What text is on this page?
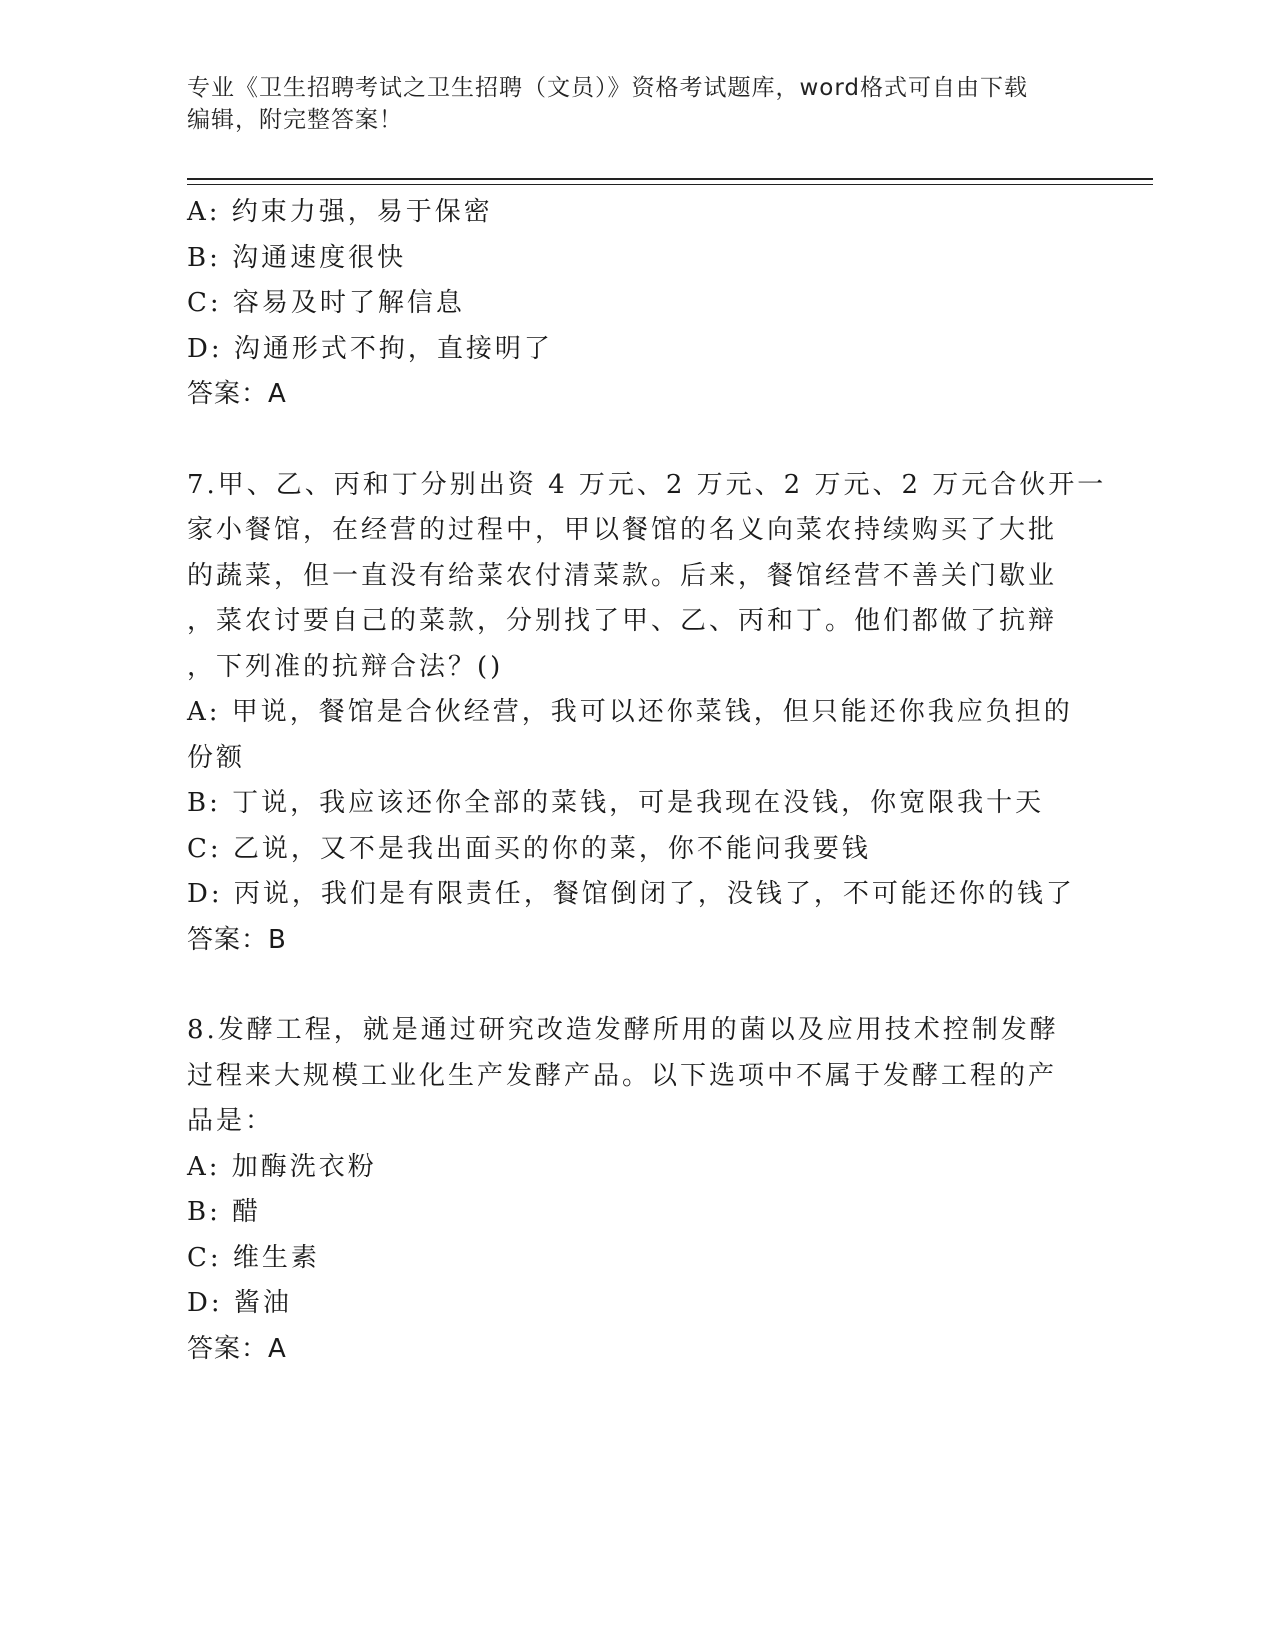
专业《卫生招聘考试之卫生招聘（文员）》资格考试题库，word格式可自由下载
编辑，附完整答案！
A: 约束力强，易于保密
B: 沟通速度很快
C: 容易及时了解信息
D: 沟通形式不拘，直接明了
答案：A
7.甲、乙、丙和丁分别出资 4 万元、2 万元、2 万元、2 万元合伙开一
家小餐馆，在经营的过程中，甲以餐馆的名义向菜农持续购买了大批
的蔬菜，但一直没有给菜农付清菜款。后来，餐馆经营不善关门歇业
，菜农讨要自己的菜款，分别找了甲、乙、丙和丁。他们都做了抗辩
，下列准的抗辩合法？()
A: 甲说，餐馆是合伙经营，我可以还你菜钱，但只能还你我应负担的
份额
B: 丁说，我应该还你全部的菜钱，可是我现在没钱，你宽限我十天
C: 乙说，又不是我出面买的你的菜，你不能问我要钱
D: 丙说，我们是有限责任，餐馆倒闭了，没钱了，不可能还你的钱了
答案：B
8.发酵工程，就是通过研究改造发酵所用的菌以及应用技术控制发酵
过程来大规模工业化生产发酵产品。以下选项中不属于发酵工程的产
品是：
A: 加酶洗衣粉
B: 醋
C: 维生素
D: 酱油
答案：A
